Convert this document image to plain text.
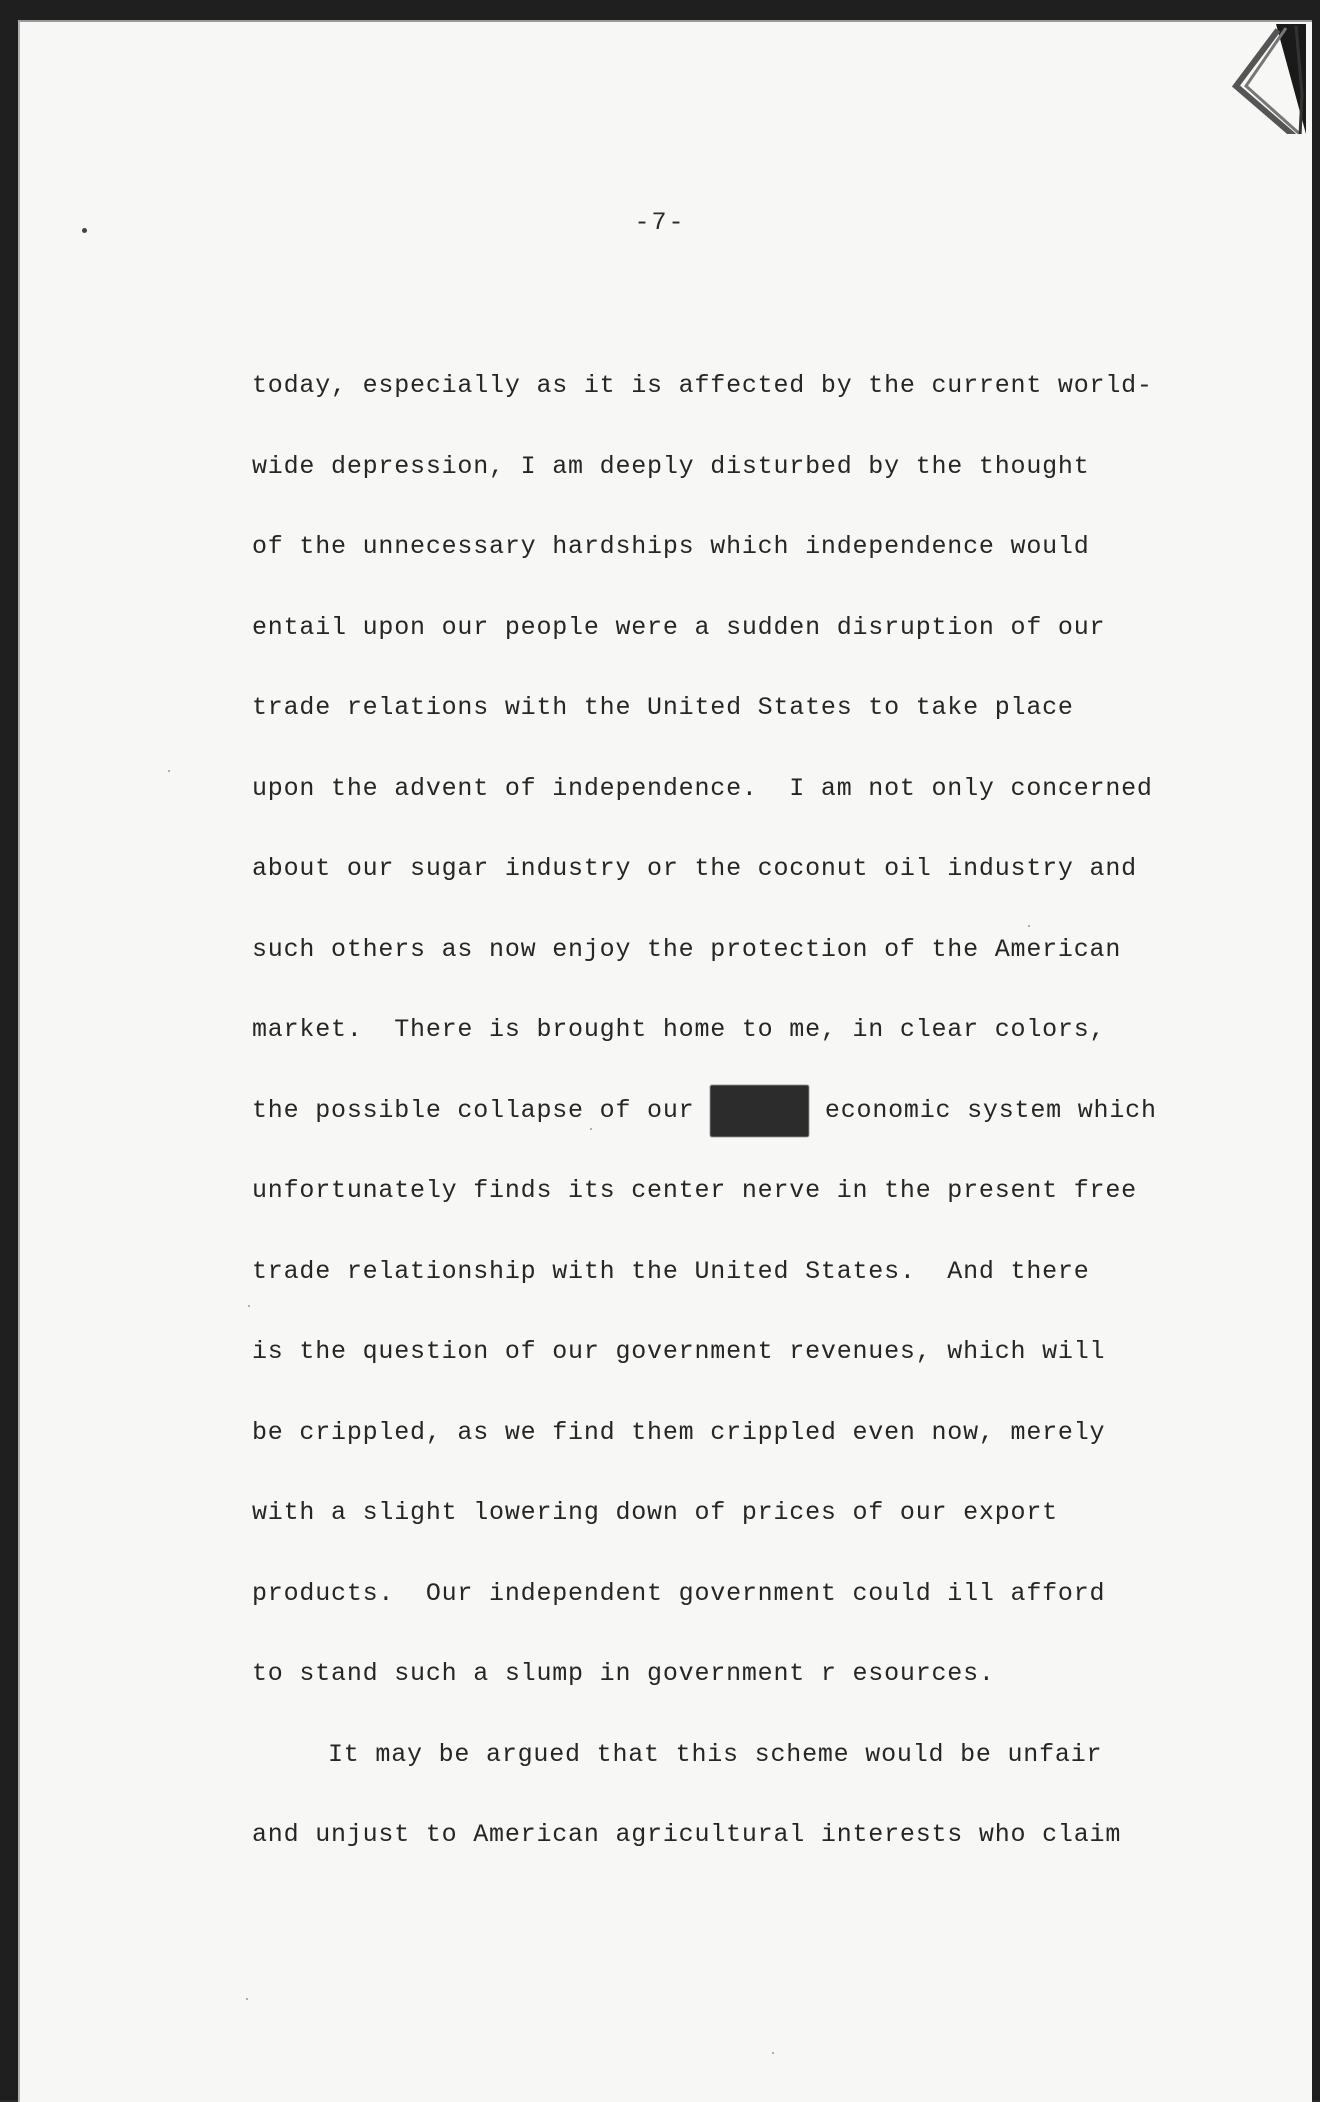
-7-
today, especially as it is affected by the current world-
wide depression, I am deeply disturbed by the thought
of the unnecessary hardships which independence would
entail upon our people were a sudden disruption of our
trade relations with the United States to take place
upon the advent of independence.  I am not only concerned
about our sugar industry or the coconut oil industry and
such others as now enjoy the protection of the American
market.  There is brought home to me, in clear colors,
the possible collapse of our xxxxxx economic system which
unfortunately finds its center nerve in the present free
trade relationship with the United States.  And there
is the question of our government revenues, which will
be crippled, as we find them crippled even now, merely
with a slight lowering down of prices of our export
products.  Our independent government could ill afford
to stand such a slump in government r esources.
It may be argued that this scheme would be unfair
and unjust to American agricultural interests who claim
